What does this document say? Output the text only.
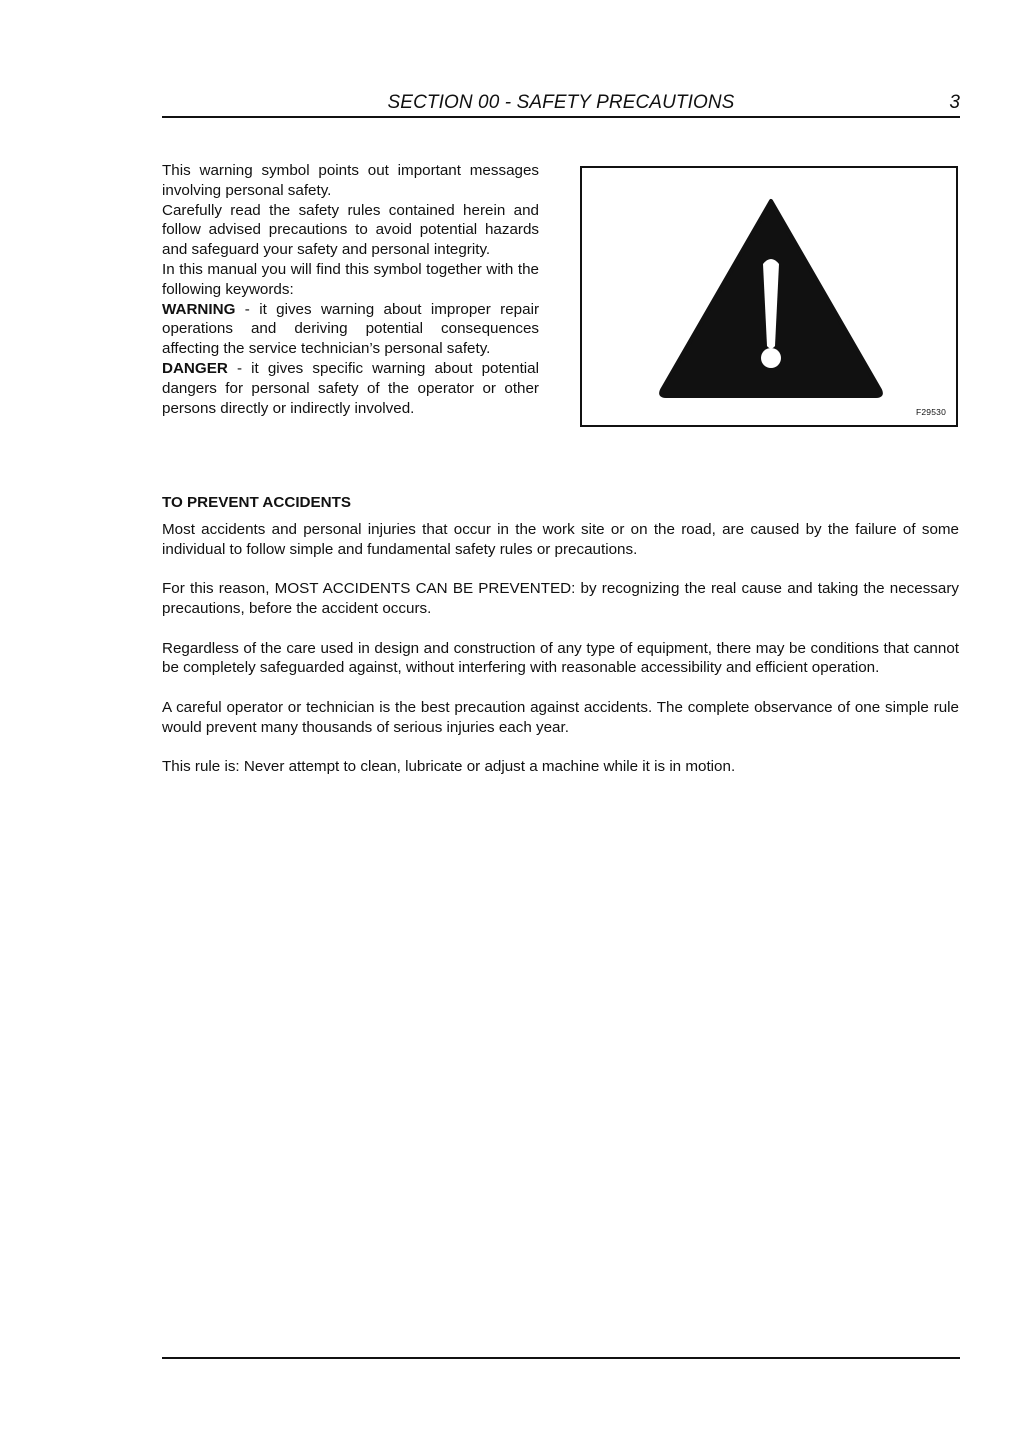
SECTION 00 - SAFETY PRECAUTIONS	3

This warning symbol points out important messages involving personal safety.

Carefully read the safety rules contained herein and follow advised precautions to avoid potential hazards and safeguard your safety and personal integrity.

In this manual you will find this symbol together with the following keywords:

WARNING - it gives warning about improper repair operations and deriving potential consequences affecting the service technician’s personal safety.

DANGER - it gives specific warning about potential dangers for personal safety of the operator or other persons directly or indirectly involved.	F29530
TO PREVENT ACCIDENTS

Most accidents and personal injuries that occur in the work site or on the road, are caused by the failure of some individual to follow simple and fundamental safety rules or precautions.

For this reason, MOST ACCIDENTS CAN BE PREVENTED: by recognizing the real cause and taking the necessary precautions, before the accident occurs.

Regardless of the care used in design and construction of any type of equipment, there may be conditions that cannot be completely safeguarded against, without interfering with reasonable accessibility and efficient operation.

A careful operator or technician is the best precaution against accidents. The complete observance of one simple rule would prevent many thousands of serious injuries each year.

This rule is: Never attempt to clean, lubricate or adjust a machine while it is in motion.
